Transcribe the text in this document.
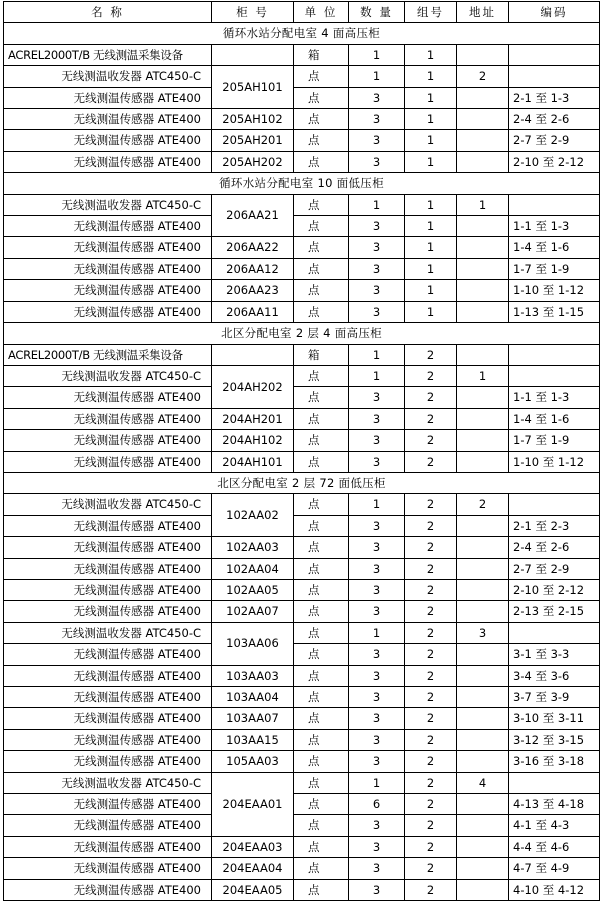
名 称	柜 号	单 位	数 量	组号	地址	编码
循环水站分配电室 4 面高压柜						
ACREL2000T/B 无线测温采集设备		箱	1	1		
无线测温收发器 ATC450-C	205AH101	点	1	1	2	
无线测温传感器 ATE400		点	3	1		2-1 至 1-3
无线测温传感器 ATE400	205AH102	点	3	1		2-4 至 2-6
无线测温传感器 ATE400	205AH201	点	3	1		2-7 至 2-9
无线测温传感器 ATE400	205AH202	点	3	1		2-10 至 2-12
循环水站分配电室 10 面低压柜						
无线测温收发器 ATC450-C	206AA21	点	1	1	1	
无线测温传感器 ATE400		点	3	1		1-1 至 1-3
无线测温传感器 ATE400	206AA22	点	3	1		1-4 至 1-6
无线测温传感器 ATE400	206AA12	点	3	1		1-7 至 1-9
无线测温传感器 ATE400	206AA23	点	3	1		1-10 至 1-12
无线测温传感器 ATE400	206AA11	点	3	1		1-13 至 1-15
北区分配电室 2 层 4 面高压柜						
ACREL2000T/B 无线测温采集设备		箱	1	2		
无线测温收发器 ATC450-C	204AH202	点	1	2	1	
无线测温传感器 ATE400		点	3	2		1-1 至 1-3
无线测温传感器 ATE400	204AH201	点	3	2		1-4 至 1-6
无线测温传感器 ATE400	204AH102	点	3	2		1-7 至 1-9
无线测温传感器 ATE400	204AH101	点	3	2		1-10 至 1-12
北区分配电室 2 层 72 面低压柜						
无线测温收发器 ATC450-C	102AA02	点	1	2	2	
无线测温传感器 ATE400		点	3	2		2-1 至 2-3
无线测温传感器 ATE400	102AA03	点	3	2		2-4 至 2-6
无线测温传感器 ATE400	102AA04	点	3	2		2-7 至 2-9
无线测温传感器 ATE400	102AA05	点	3	2		2-10 至 2-12
无线测温传感器 ATE400	102AA07	点	3	2		2-13 至 2-15
无线测温收发器 ATC450-C	103AA06	点	1	2	3	
无线测温传感器 ATE400		点	3	2		3-1 至 3-3
无线测温传感器 ATE400	103AA03	点	3	2		3-4 至 3-6
无线测温传感器 ATE400	103AA04	点	3	2		3-7 至 3-9
无线测温传感器 ATE400	103AA07	点	3	2		3-10 至 3-11
无线测温传感器 ATE400	103AA15	点	3	2		3-12 至 3-15
无线测温传感器 ATE400	105AA03	点	3	2		3-16 至 3-18
无线测温收发器 ATC450-C	204EAA01	点	1	2	4	
无线测温传感器 ATE400		点	6	2		4-13 至 4-18
无线测温传感器 ATE400		点	3	2		4-1 至 4-3
无线测温传感器 ATE400	204EAA03	点	3	2		4-4 至 4-6
无线测温传感器 ATE400	204EAA04	点	3	2		4-7 至 4-9
无线测温传感器 ATE400	204EAA05	点	3	2		4-10 至 4-12
